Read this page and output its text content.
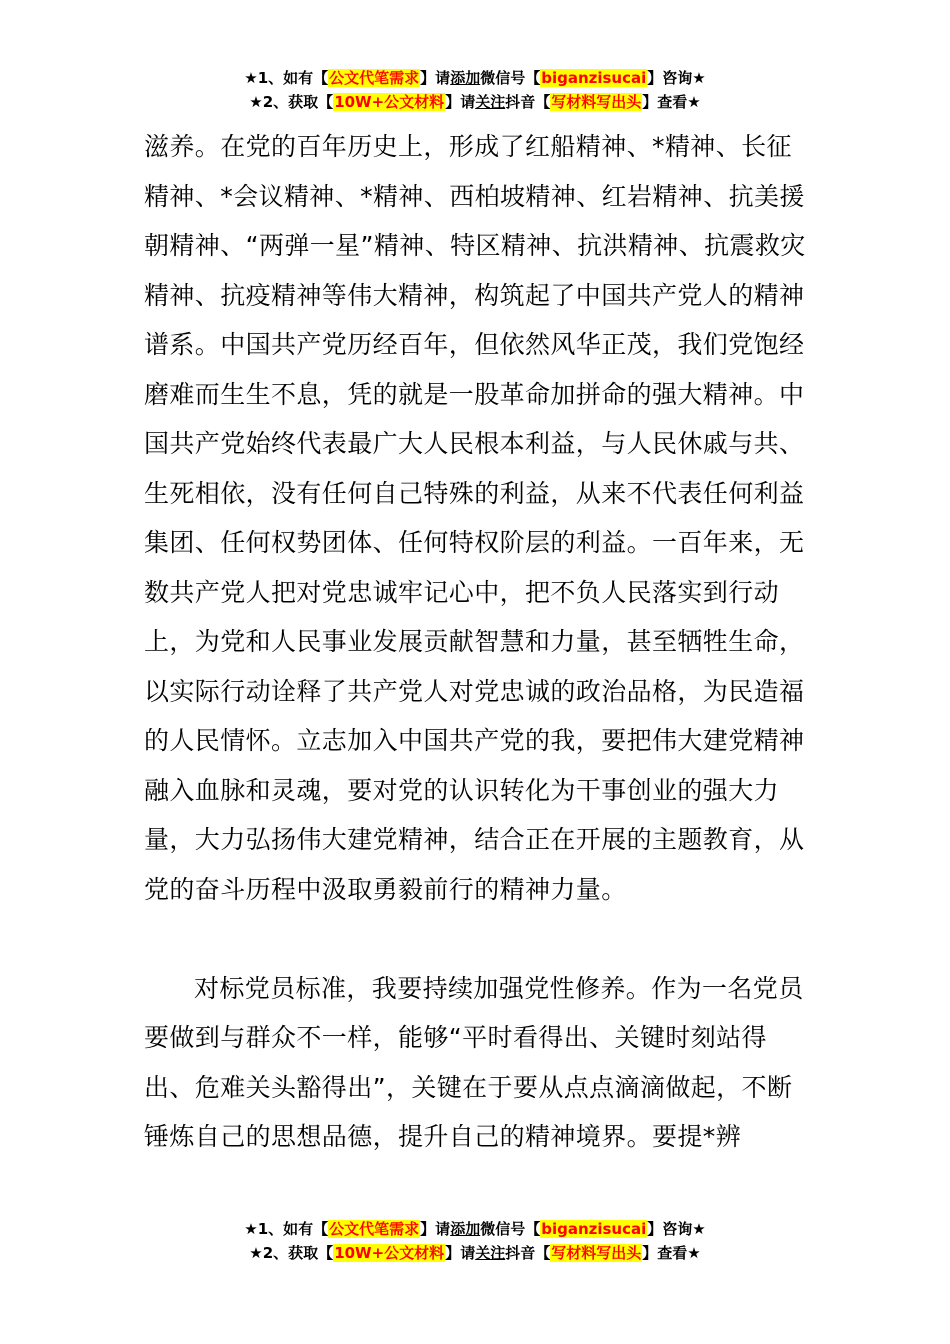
★1、如有【公文代笔需求】请添加微信号【biganzisucai】咨询★
★2、获取【10W+公文材料】请关注抖音【写材料写出头】查看★

滋养。在党的百年历史上，形成了红船精神、*精神、长征精神、*会议精神、*精神、西柏坡精神、红岩精神、抗美援朝精神、“两弹一星”精神、特区精神、抗洪精神、抗震救灾精神、抗疫精神等伟大精神，构筑起了中国共产党人的精神谱系。中国共产党历经百年，但依然风华正茂，我们党饱经磨难而生生不息，凭的就是一股革命加拼命的强大精神。中国共产党始终代表最广大人民根本利益，与人民休戚与共、生死相依，没有任何自己特殊的利益，从来不代表任何利益集团、任何权势团体、任何特权阶层的利益。一百年来，无数共产党人把对党忠诚牢记心中，把不负人民落实到行动上，为党和人民事业发展贡献智慧和力量，甚至牺牲生命，以实际行动诠释了共产党人对党忠诚的政治品格，为民造福的人民情怀。立志加入中国共产党的我，要把伟大建党精神融入血脉和灵魂，要对党的认识转化为干事创业的强大力量，大力弘扬伟大建党精神，结合正在开展的主题教育，从党的奋斗历程中汲取勇毅前行的精神力量。

对标党员标准，我要持续加强党性修养。作为一名党员要做到与群众不一样，能够“平时看得出、关键时刻站得出、危难关头豁得出”，关键在于要从点点滴滴做起，不断锤炼自己的思想品德，提升自己的精神境界。要提*辨

★1、如有【公文代笔需求】请添加微信号【biganzisucai】咨询★
★2、获取【10W+公文材料】请关注抖音【写材料写出头】查看★
